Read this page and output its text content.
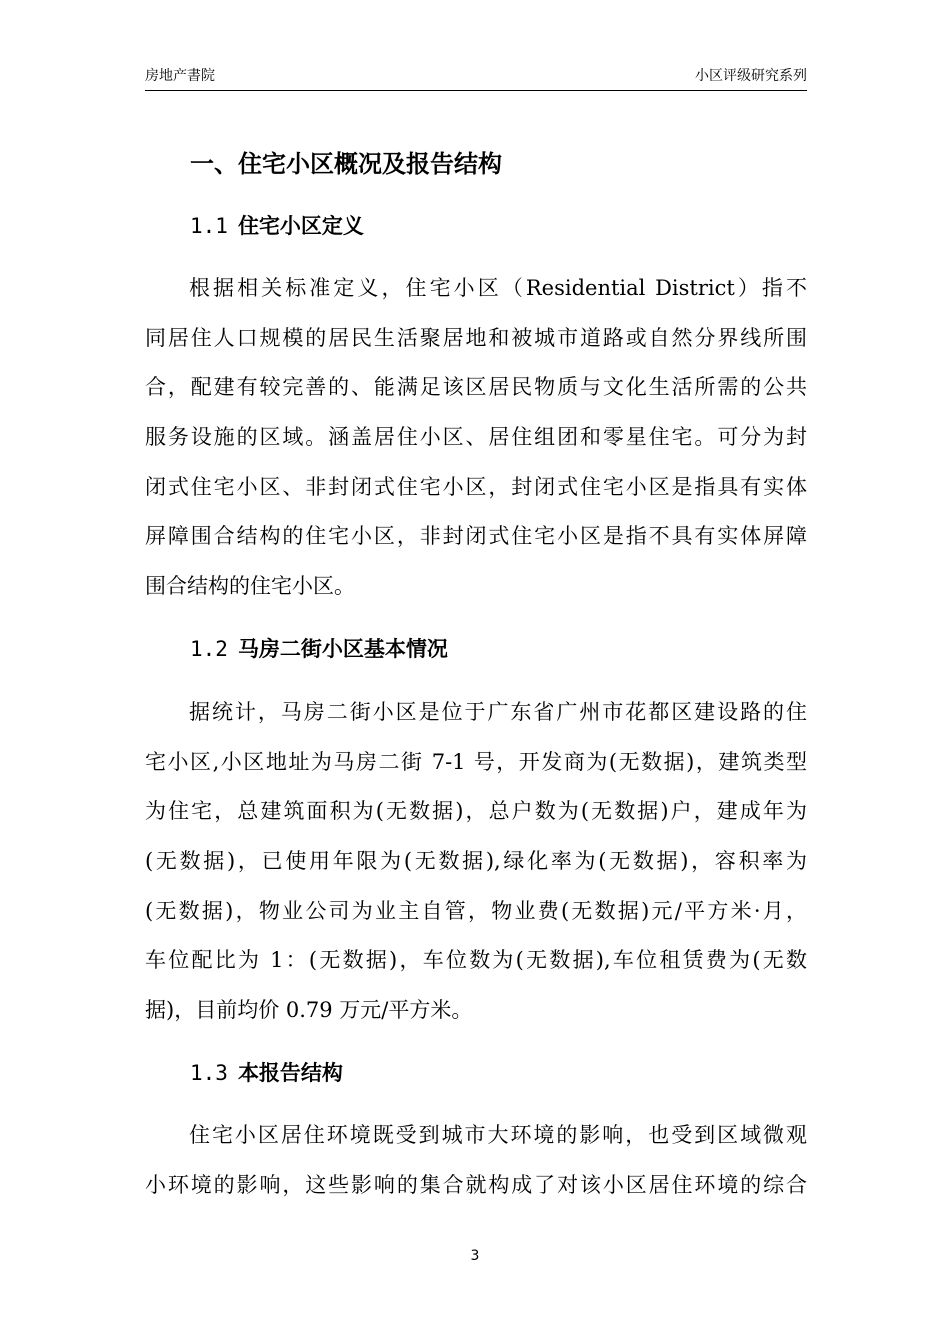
房地产書院	小区评级研究系列
一、住宅小区概况及报告结构
1.1 住宅小区定义
根据相关标准定义，住宅小区（Residential District）指不
同居住人口规模的居民生活聚居地和被城市道路或自然分界线所围
合，配建有较完善的、能满足该区居民物质与文化生活所需的公共
服务设施的区域。涵盖居住小区、居住组团和零星住宅。可分为封
闭式住宅小区、非封闭式住宅小区，封闭式住宅小区是指具有实体
屏障围合结构的住宅小区，非封闭式住宅小区是指不具有实体屏障
围合结构的住宅小区。
1.2 马房二街小区基本情况
据统计，马房二街小区是位于广东省广州市花都区建设路的住
宅小区,小区地址为马房二街 7-1 号，开发商为(无数据)，建筑类型
为住宅，总建筑面积为(无数据)，总户数为(无数据)户，建成年为
(无数据)，已使用年限为(无数据),绿化率为(无数据)，容积率为
(无数据)，物业公司为业主自管，物业费(无数据)元/平方米·月，
车位配比为 1：(无数据)，车位数为(无数据),车位租赁费为(无数
据)，目前均价 0.79 万元/平方米。
1.3 本报告结构
住宅小区居住环境既受到城市大环境的影响，也受到区域微观
小环境的影响，这些影响的集合就构成了对该小区居住环境的综合
3
